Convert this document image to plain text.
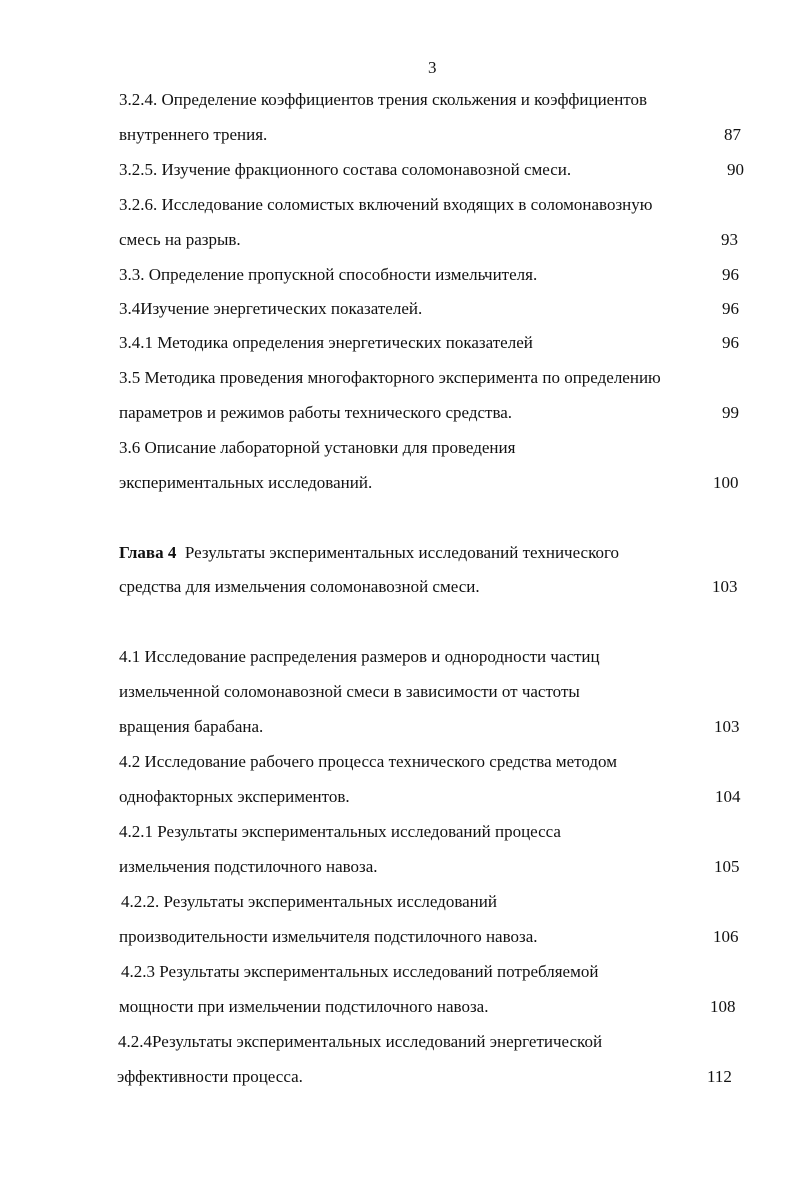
3
3.2.4. Определение коэффициентов трения скольжения и коэффициентов
внутреннего трения.	87
3.2.5. Изучение фракционного состава соломонавозной смеси.	90
3.2.6. Исследование соломистых включений входящих в соломонавозную
смесь на разрыв.	93
3.3. Определение пропускной способности измельчителя.	96
3.4Изучение энергетических показателей.	96
3.4.1 Методика определения энергетических показателей	96
3.5 Методика проведения многофакторного эксперимента по определению
параметров и режимов работы технического средства.	99
3.6 Описание лабораторной установки для проведения
экспериментальных исследований.	100
Глава 4 Результаты экспериментальных исследований технического
средства для измельчения соломонавозной смеси.	103
4.1 Исследование распределения размеров и однородности частиц
измельченной соломонавозной смеси в зависимости от частоты
вращения барабана.	103
4.2 Исследование рабочего процесса технического средства методом
однофакторных экспериментов.	104
4.2.1 Результаты экспериментальных исследований процесса
измельчения подстилочного навоза.	105
4.2.2. Результаты экспериментальных исследований
производительности измельчителя подстилочного навоза.	106
4.2.3 Результаты экспериментальных исследований потребляемой
мощности при измельчении подстилочного навоза.	108
4.2.4Результаты экспериментальных исследований энергетической
эффективности процесса.	112
